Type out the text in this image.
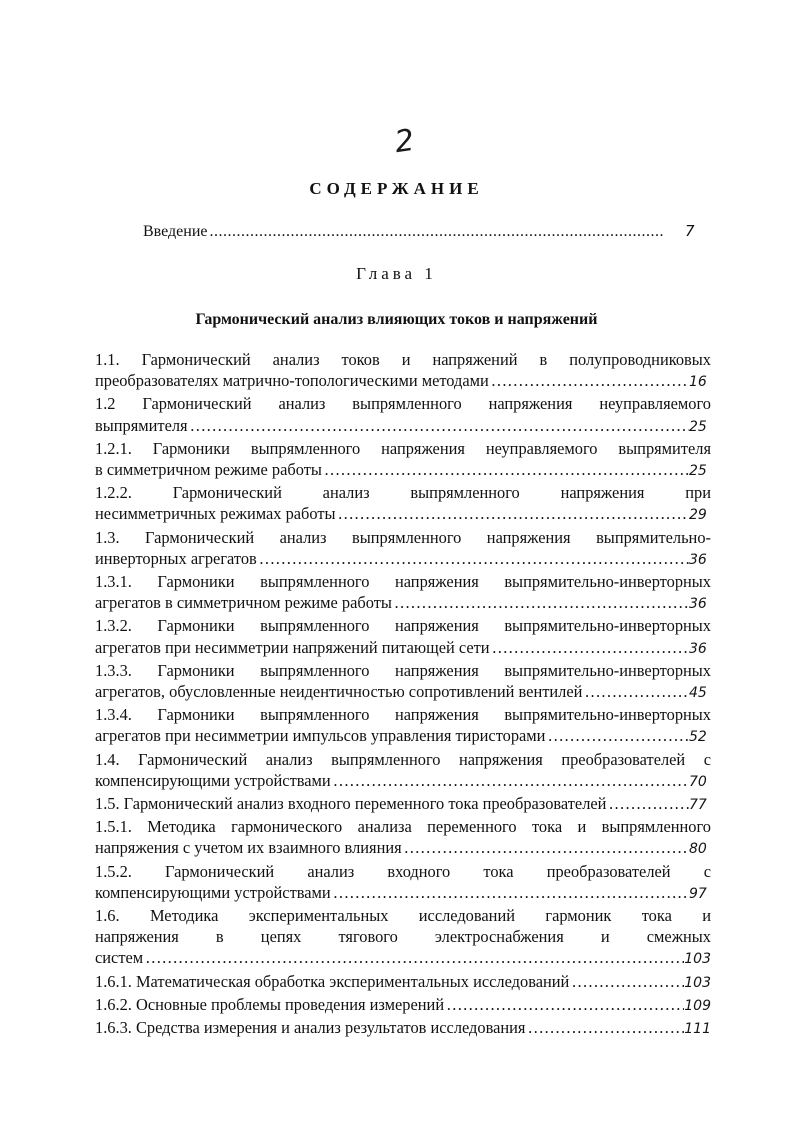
2
СОДЕРЖАНИЕ
Введение .....	7
Глава 1
Гармонический анализ влияющих токов и напряжений
1.1. Гармонический анализ токов и напряжений в полупроводниковых
преобразователях матрично-топологическими методами …………………………………………………………………………………………………………………………………………………………	16
1.2 Гармонический анализ выпрямленного напряжения неуправляемого
выпрямителя …………………………………………………………………………………………………………………………………………………………	25
1.2.1. Гармоники выпрямленного напряжения неуправляемого выпрямителя
в симметричном режиме работы …………………………………………………………………………………………………………………………………………………………	25
1.2.2. Гармонический анализ выпрямленного напряжения при
несимметричных режимах работы …………………………………………………………………………………………………………………………………………………………	29
1.3. Гармонический анализ выпрямленного напряжения выпрямительно-
инверторных агрегатов …………………………………………………………………………………………………………………………………………………………	36
1.3.1. Гармоники выпрямленного напряжения выпрямительно-инверторных
агрегатов в симметричном режиме работы …………………………………………………………………………………………………………………………………………………………	36
1.3.2. Гармоники выпрямленного напряжения выпрямительно-инверторных
агрегатов при несимметрии напряжений питающей сети …………………………………………………………………………………………………………………………………………………………	36
1.3.3. Гармоники выпрямленного напряжения выпрямительно-инверторных
агрегатов, обусловленные неидентичностью сопротивлений вентилей …………………………………………………………………………………………………………………………………………………………	45
1.3.4. Гармоники выпрямленного напряжения выпрямительно-инверторных
агрегатов при несимметрии импульсов управления тиристорами …………………………………………………………………………………………………………………………………………………………	52
1.4. Гармонический анализ выпрямленного напряжения преобразователей с
компенсирующими устройствами …………………………………………………………………………………………………………………………………………………………	70
1.5. Гармонический анализ входного переменного тока преобразователей …………………………………………………………………………………………………………………………………………………………	77
1.5.1. Методика гармонического анализа переменного тока и выпрямленного
напряжения с учетом их взаимного влияния …………………………………………………………………………………………………………………………………………………………	80
1.5.2. Гармонический анализ входного тока преобразователей с
компенсирующими устройствами …………………………………………………………………………………………………………………………………………………………	97
1.6. Методика экспериментальных исследований гармоник тока и
напряжения в цепях тягового электроснабжения и смежных
систем …………………………………………………………………………………………………………………………………………………………	103
1.6.1. Математическая обработка экспериментальных исследований …………………………………………………………………………………………………………………………………………………………	103
1.6.2. Основные проблемы проведения измерений …………………………………………………………………………………………………………………………………………………………	109
1.6.3. Средства измерения и анализ результатов исследования …………………………………………………………………………………………………………………………………………………………	111
